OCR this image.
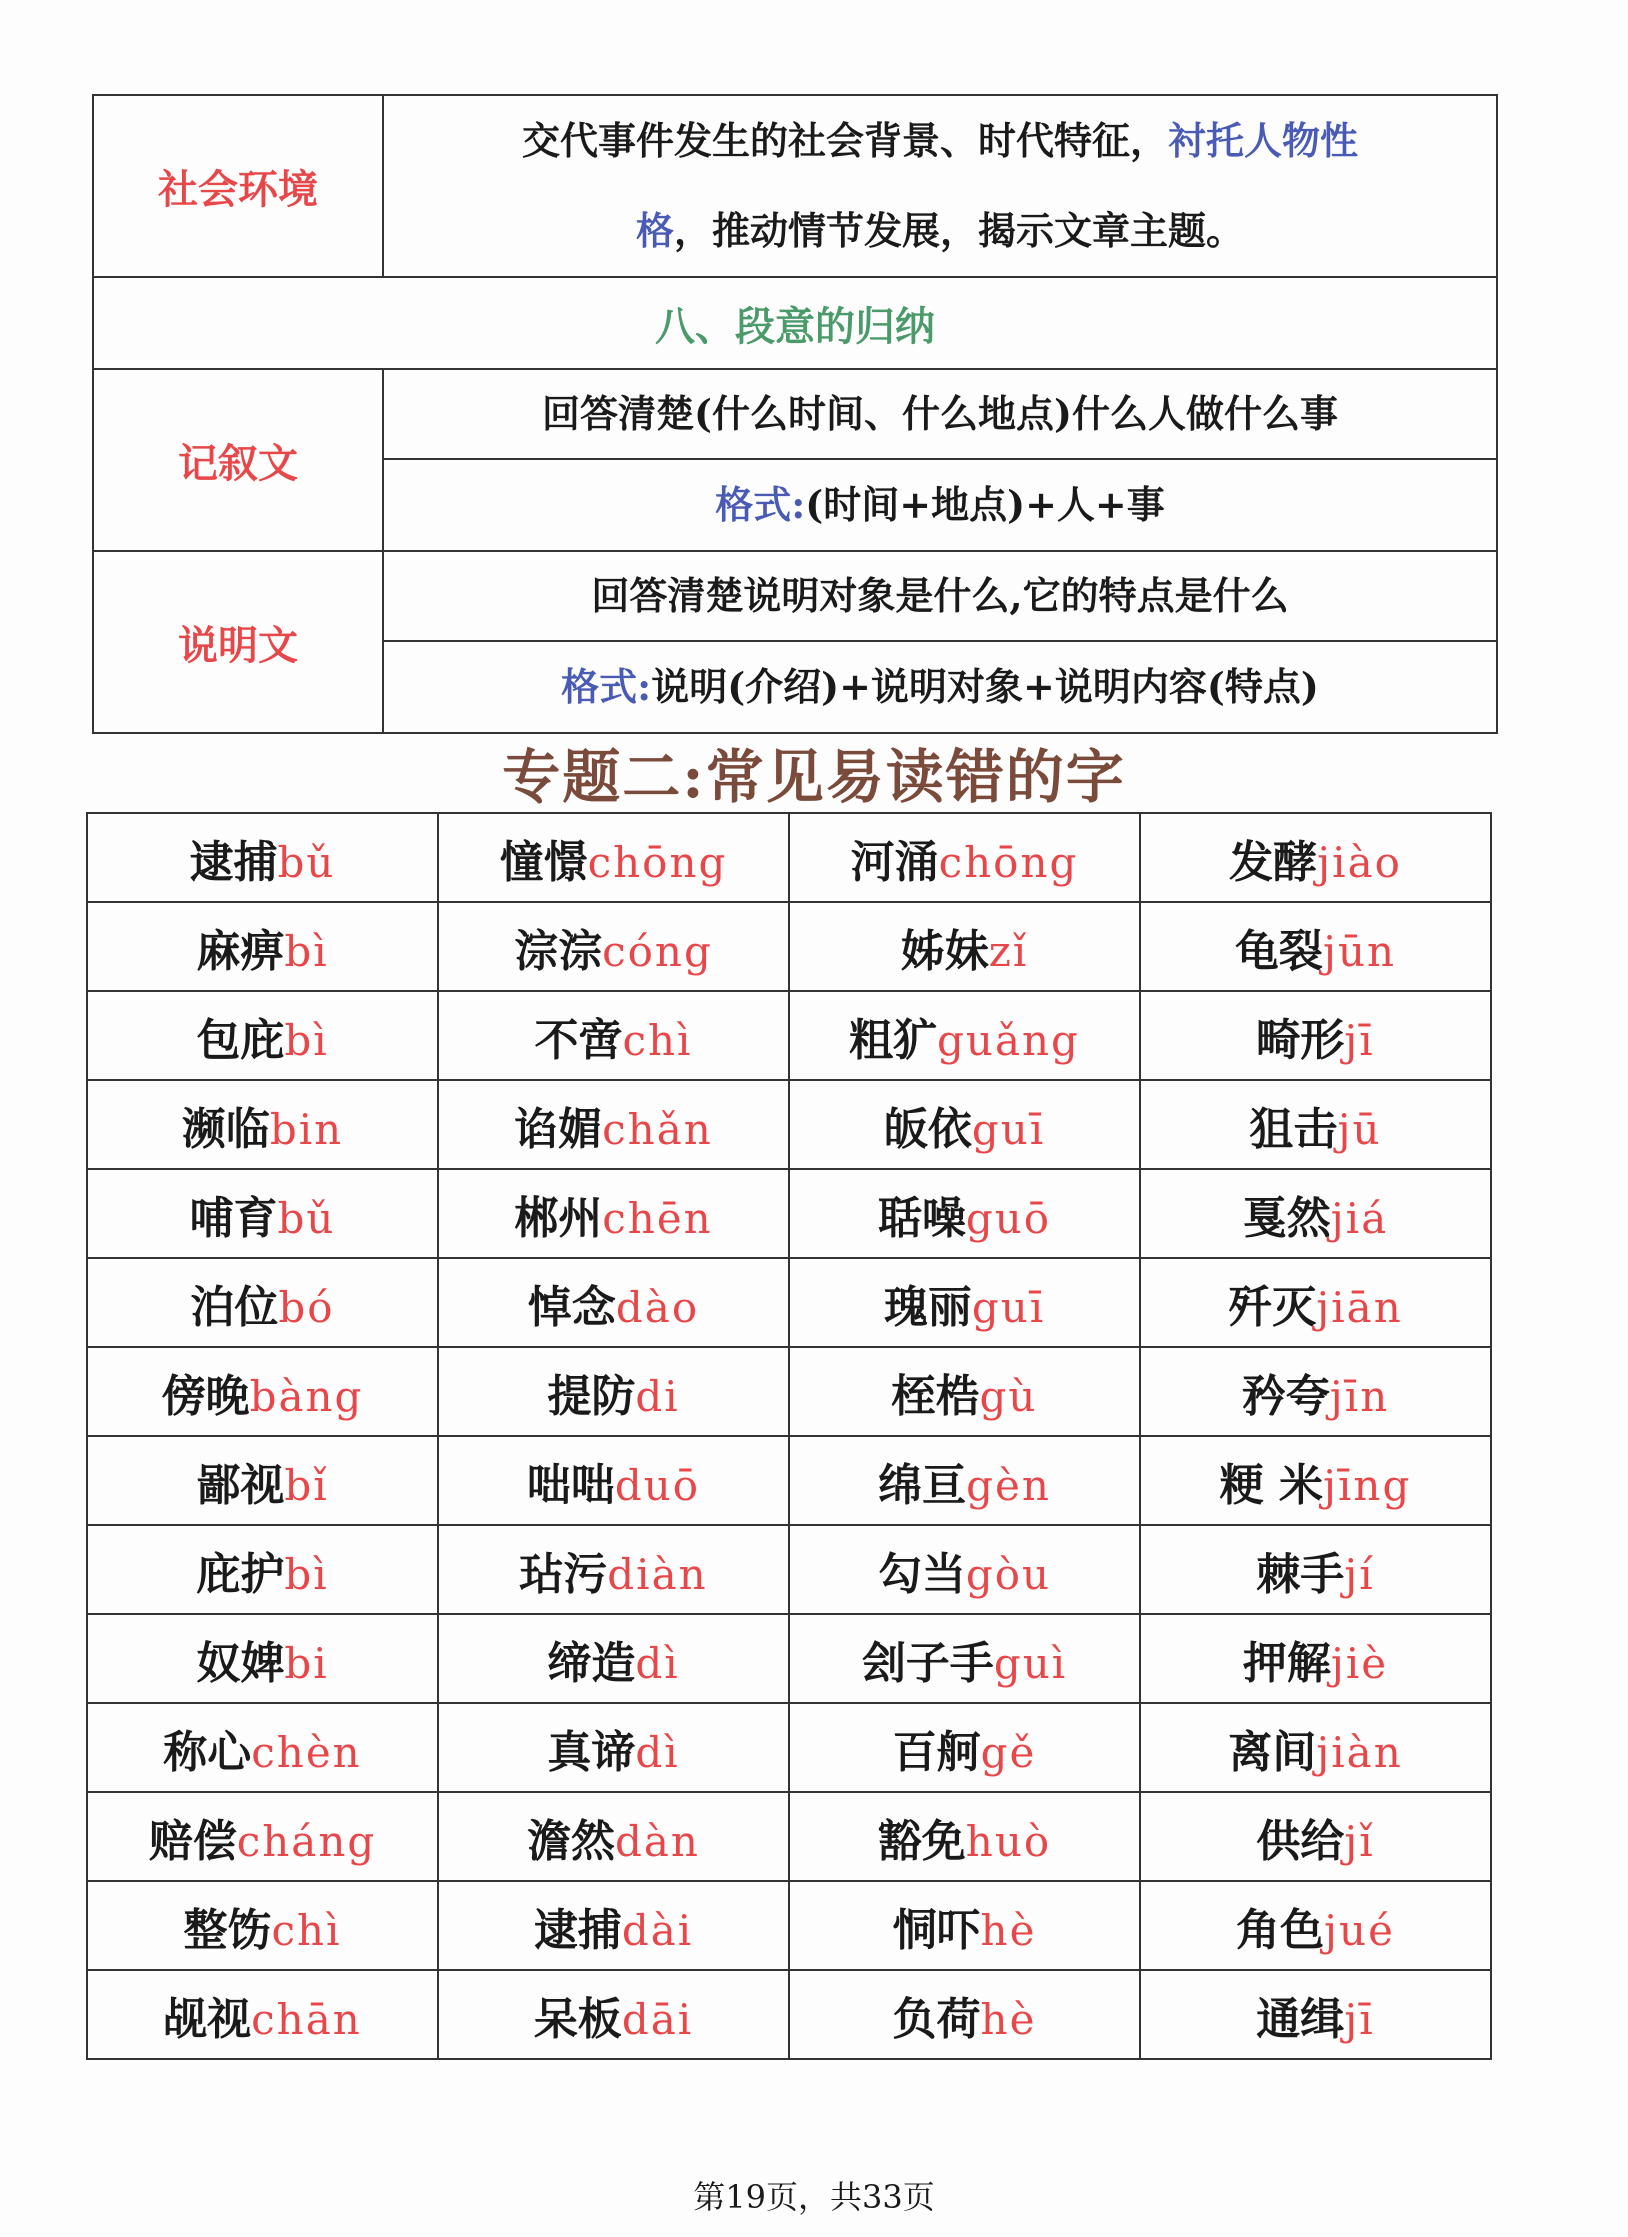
社会环境	交代事件发生的社会背景、时代特征，衬托人物性
格，推动情节发展，揭示文章主题。
八、段意的归纳	
记叙文	回答清楚(什么时间、什么地点)什么人做什么事
	格式:(时间+地点)+人+事
说明文	回答清楚说明对象是什么,它的特点是什么
	格式:说明(介绍)+说明对象+说明内容(特点)
专题二:常见易读错的字
逮捕bǔ	憧憬chōng	河涌chōng	发酵jiào
麻痹bì	淙淙cóng	姊妹zǐ	龟裂jūn
包庇bì	不啻chì	粗犷guǎng	畸形jī
濒临bin	谄媚chǎn	皈依guī	狙击jū
哺育bǔ	郴州chēn	聒噪guō	戛然jiá
泊位bó	悼念dào	瑰丽guī	歼灭jiān
傍晚bàng	提防di	桎梏gù	矜夸jīn
鄙视bǐ	咄咄duō	绵亘gèn	粳 米jīng
庇护bì	玷污diàn	勾当gòu	棘手jí
奴婢bi	缔造dì	刽子手guì	押解jiè
称心chèn	真谛dì	百舸gě	离间jiàn
赔偿cháng	澹然dàn	豁免huò	供给jǐ
整饬chì	逮捕dài	恫吓hè	角色jué
觇视chān	呆板dāi	负荷hè	通缉jī
第19页，共33页
